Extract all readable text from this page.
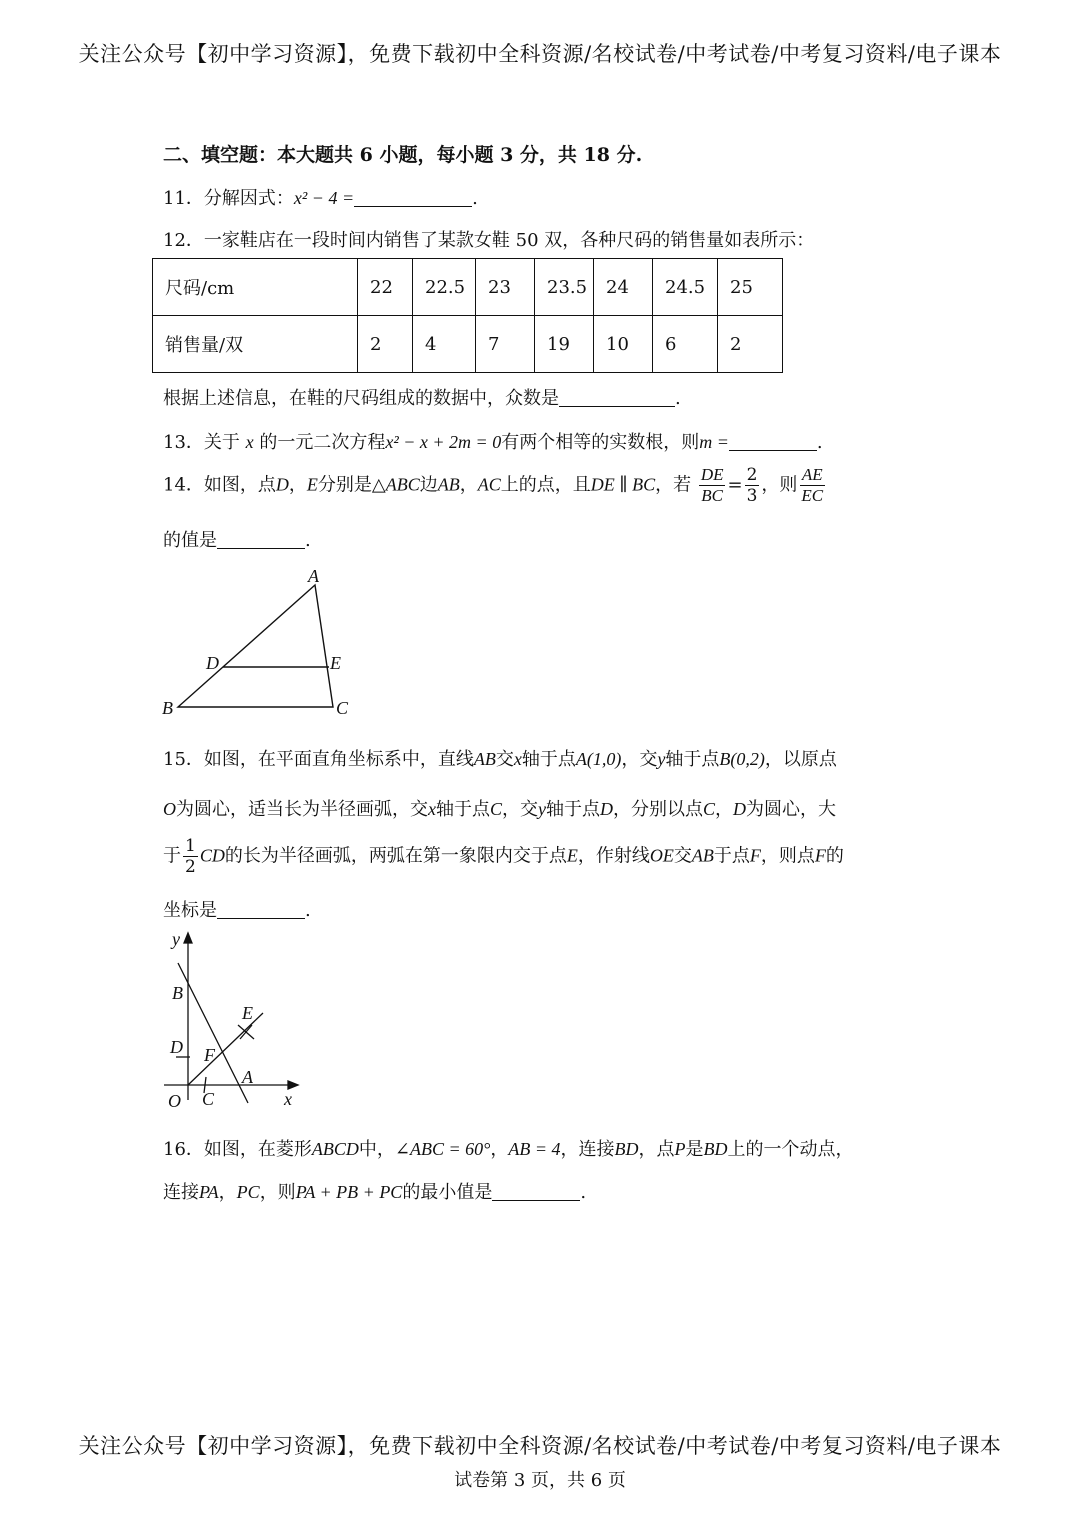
关注公众号【初中学习资源】，免费下载初中全科资源/名校试卷/中考试卷/中考复习资料/电子课本
二、填空题：本大题共 6 小题，每小题 3 分，共 18 分.
11．分解因式：x² − 4 =	.
12．一家鞋店在一段时间内销售了某款女鞋 50 双，各种尺码的销售量如表所示：
根据上述信息，在鞋的尺码组成的数据中，众数是	.
13．关于 x 的一元二次方程x² − x + 2m = 0有两个相等的实数根，则m =	.
14．如图，点D，E分别是△ABC边AB，AC上的点，且DE ∥ BC，若 $\frac{DE}{BC} = \frac{2}{3}$ ，则 $\frac{AE}{EC}$
的值是	.
15．如图，在平面直角坐标系中，直线AB交x轴于点A(1,0)，交y轴于点B(0,2)，以原点
O为圆心，适当长为半径画弧，交x轴于点C，交y轴于点D，分别以点C，D为圆心，大
于 $\frac{1}{2}$ CD的长为半径画弧，两弧在第一象限内交于点E，作射线OE交AB于点F，则点F的
坐标是	.
16．如图，在菱形ABCD中，∠ABC = 60°，AB = 4，连接BD，点P是BD上的一个动点，
连接PA，PC，则PA + PB + PC的最小值是	.
尺码/cm	22	22.5	23	23.5	24	24.5	25
销售量/双	2	4	7	19	10	6	2
A
B	C
D	E
y
x
O
B
A
C
D
E
F
关注公众号【初中学习资源】，免费下载初中全科资源/名校试卷/中考试卷/中考复习资料/电子课本
试卷第 3 页，共 6 页
